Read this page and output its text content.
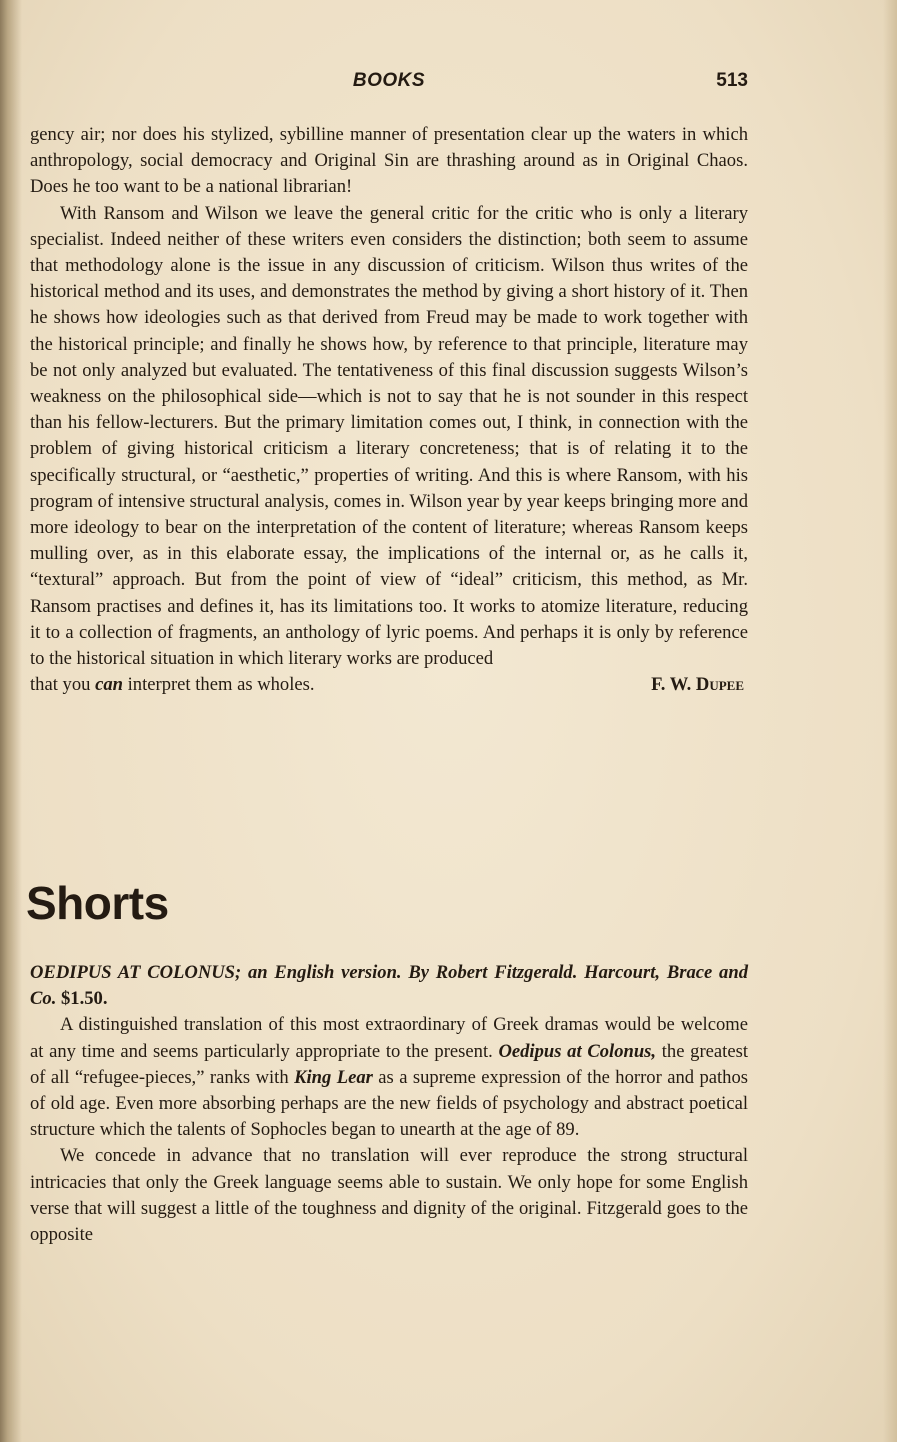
BOOKS	513

gency air; nor does his stylized, sybilline manner of presentation clear up the waters in which anthropology, social democracy and Original Sin are thrashing around as in Original Chaos. Does he too want to be a national librarian!

With Ransom and Wilson we leave the general critic for the critic who is only a literary specialist. Indeed neither of these writers even considers the distinction; both seem to assume that methodology alone is the issue in any discussion of criticism. Wilson thus writes of the historical method and its uses, and demonstrates the method by giving a short history of it. Then he shows how ideologies such as that derived from Freud may be made to work together with the historical principle; and finally he shows how, by reference to that principle, literature may be not only analyzed but evaluated. The tentativeness of this final discussion suggests Wilson’s weakness on the philosophical side—which is not to say that he is not sounder in this respect than his fellow-lecturers. But the primary limitation comes out, I think, in connection with the problem of giving historical criticism a literary concreteness; that is of relating it to the specifically structural, or “aesthetic,” properties of writing. And this is where Ransom, with his program of intensive structural analysis, comes in. Wilson year by year keeps bringing more and more ideology to bear on the interpretation of the content of literature; whereas Ransom keeps mulling over, as in this elaborate essay, the implications of the internal or, as he calls it, “textural” approach. But from the point of view of “ideal” criticism, this method, as Mr. Ransom practises and defines it, has its limitations too. It works to atomize literature, reducing it to a collection of fragments, an anthology of lyric poems. And perhaps it is only by reference to the historical situation in which literary works are produced

that you can interpret them as wholes.	F. W. Dupee

Shorts

OEDIPUS AT COLONUS; an English version. By Robert Fitzgerald. Harcourt, Brace and Co. $1.50.

A distinguished translation of this most extraordinary of Greek dramas would be welcome at any time and seems particularly appropriate to the present. Oedipus at Colonus, the greatest of all “refugee-pieces,” ranks with King Lear as a supreme expression of the horror and pathos of old age. Even more absorbing perhaps are the new fields of psychology and abstract poetical structure which the talents of Sophocles began to unearth at the age of 89.

We concede in advance that no translation will ever reproduce the strong structural intricacies that only the Greek language seems able to sustain. We only hope for some English verse that will suggest a little of the toughness and dignity of the original. Fitzgerald goes to the opposite
